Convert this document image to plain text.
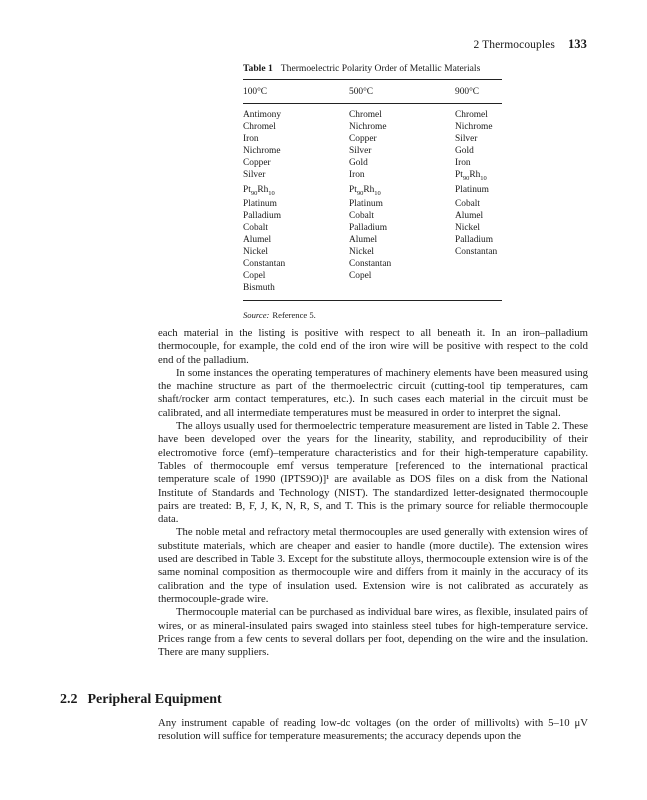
2 Thermocouples 133
Table 1 Thermoelectric Polarity Order of Metallic Materials
100°C	500°C	900°C
Antimony	Chromel	Chromel
Chromel	Nichrome	Nichrome
Iron	Copper	Silver
Nichrome	Silver	Gold
Copper	Gold	Iron
Silver	Iron	$Pt_{90}Rh_{10}$
$Pt_{90}Rh_{10}$	$Pt_{90}Rh_{10}$	Platinum
Platinum	Platinum	Cobalt
Palladium	Cobalt	Alumel
Cobalt	Palladium	Nickel
Alumel	Alumel	Palladium
Nickel	Nickel	Constantan
Constantan	Constantan	
Copel	Copel	
Bismuth		
Source: Reference 5.

each material in the listing is positive with respect to all beneath it. In an iron–palladium thermocouple, for example, the cold end of the iron wire will be positive with respect to the cold end of the palladium.

In some instances the operating temperatures of machinery elements have been measured using the machine structure as part of the thermoelectric circuit (cutting-tool tip temperatures, cam shaft/rocker arm contact temperatures, etc.). In such cases each material in the circuit must be calibrated, and all intermediate temperatures must be measured in order to interpret the signal.

The alloys usually used for thermoelectric temperature measurement are listed in Table 2. These have been developed over the years for the linearity, stability, and reproducibility of their electromotive force (emf)–temperature characteristics and for their high-temperature capability. Tables of thermocouple emf versus temperature [referenced to the international practical temperature scale of 1990 (IPTS9O)]¹ are available as DOS files on a disk from the National Institute of Standards and Technology (NIST). The standardized letter-designated thermocouple pairs are treated: B, F, J, K, N, R, S, and T. This is the primary source for reliable thermocouple data.

The noble metal and refractory metal thermocouples are used generally with extension wires of substitute materials, which are cheaper and easier to handle (more ductile). The extension wires used are described in Table 3. Except for the substitute alloys, thermocouple extension wire is of the same nominal composition as thermocouple wire and differs from it mainly in the accuracy of its calibration and the type of insulation used. Extension wire is not calibrated as accurately as thermocouple-grade wire.

Thermocouple material can be purchased as individual bare wires, as flexible, insulated pairs of wires, or as mineral-insulated pairs swaged into stainless steel tubes for high-temperature service. Prices range from a few cents to several dollars per foot, depending on the wire and the insulation. There are many suppliers.

2.2 Peripheral Equipment

Any instrument capable of reading low-dc voltages (on the order of millivolts) with 5–10 μV resolution will suffice for temperature measurements; the accuracy depends upon the
